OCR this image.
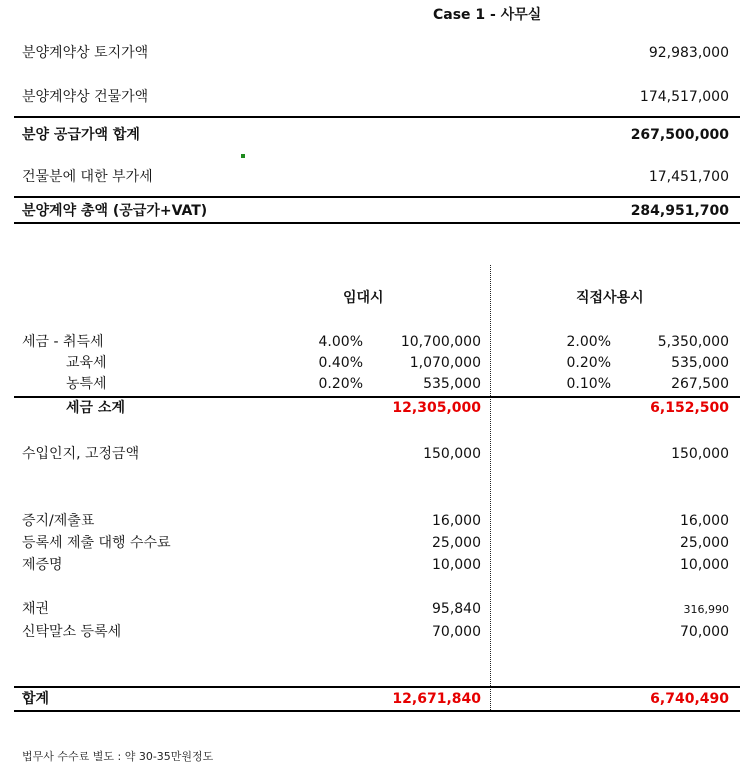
Case 1 - 사무실
분양계약상 토지가액	92,983,000
분양계약상 건물가액	174,517,000
분양 공급가액 합계	267,500,000
건물분에 대한 부가세	17,451,700
분양계약 총액 (공급가+VAT)	284,951,700
임대시	직접사용시
세금 - 취득세	4.00%	10,700,000	2.00%	5,350,000
교육세	0.40%	1,070,000	0.20%	535,000
농특세	0.20%	535,000	0.10%	267,500
세금 소계	12,305,000	6,152,500
수입인지, 고정금액	150,000	150,000
증지/제출표	16,000	16,000
등록세 제출 대행 수수료	25,000	25,000
제증명	10,000	10,000
채권	95,840	316,990
신탁말소 등록세	70,000	70,000
합계	12,671,840	6,740,490
법무사 수수료 별도 : 약 30-35만원정도
